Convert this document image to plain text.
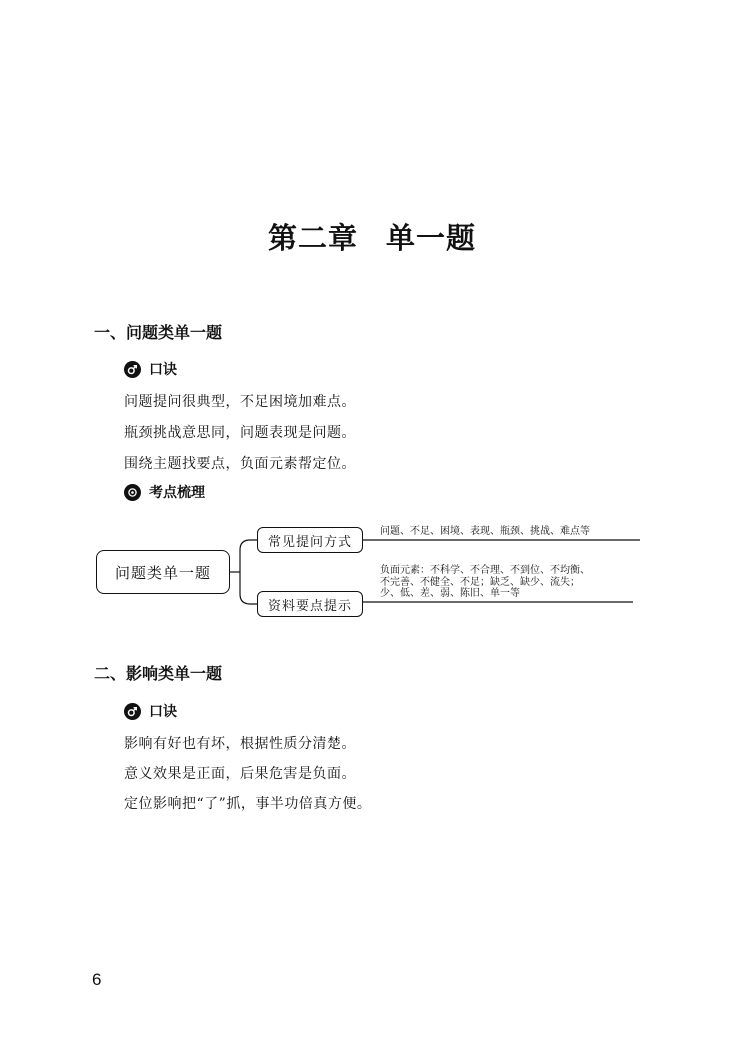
第二章 单一题
一、问题类单一题
口诀
问题提问很典型，不足困境加难点。
瓶颈挑战意思同，问题表现是问题。
围绕主题找要点，负面元素帮定位。
考点梳理
问题类单一题
常见提问方式
资料要点提示
问题、不足、困境、表现、瓶颈、挑战、难点等
负面元素：不科学、不合理、不到位、不均衡、
不完善、不健全、不足；缺乏、缺少、流失；
少、低、差、弱、陈旧、单一等
二、影响类单一题
口诀
影响有好也有坏，根据性质分清楚。
意义效果是正面，后果危害是负面。
定位影响把“了”抓，事半功倍真方便。
6
